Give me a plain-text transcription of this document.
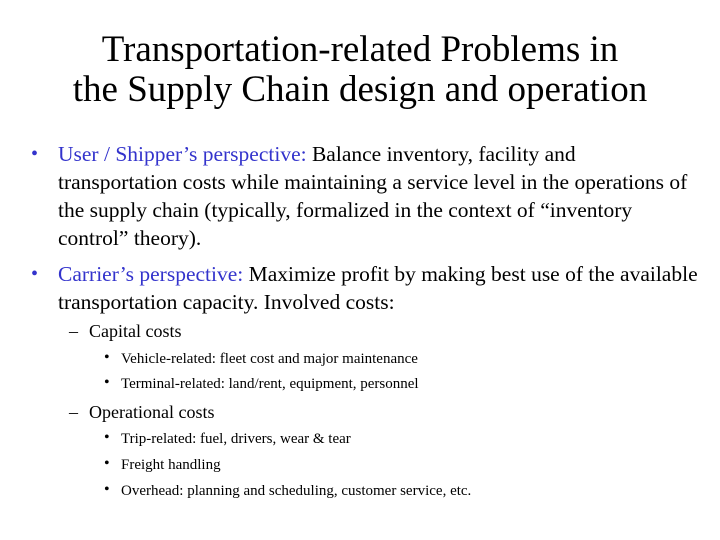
Transportation-related Problems in
the Supply Chain design and operation
• User / Shipper’s perspective: Balance inventory, facility and transportation costs while maintaining a service level in the operations of the supply chain (typically, formalized in the context of “inventory control” theory).
• Carrier’s perspective: Maximize profit by making best use of the available transportation capacity. Involved costs:
– Capital costs
• Vehicle-related: fleet cost and major maintenance
• Terminal-related: land/rent, equipment, personnel
– Operational costs
• Trip-related: fuel, drivers, wear & tear
• Freight handling
• Overhead: planning and scheduling, customer service, etc.
